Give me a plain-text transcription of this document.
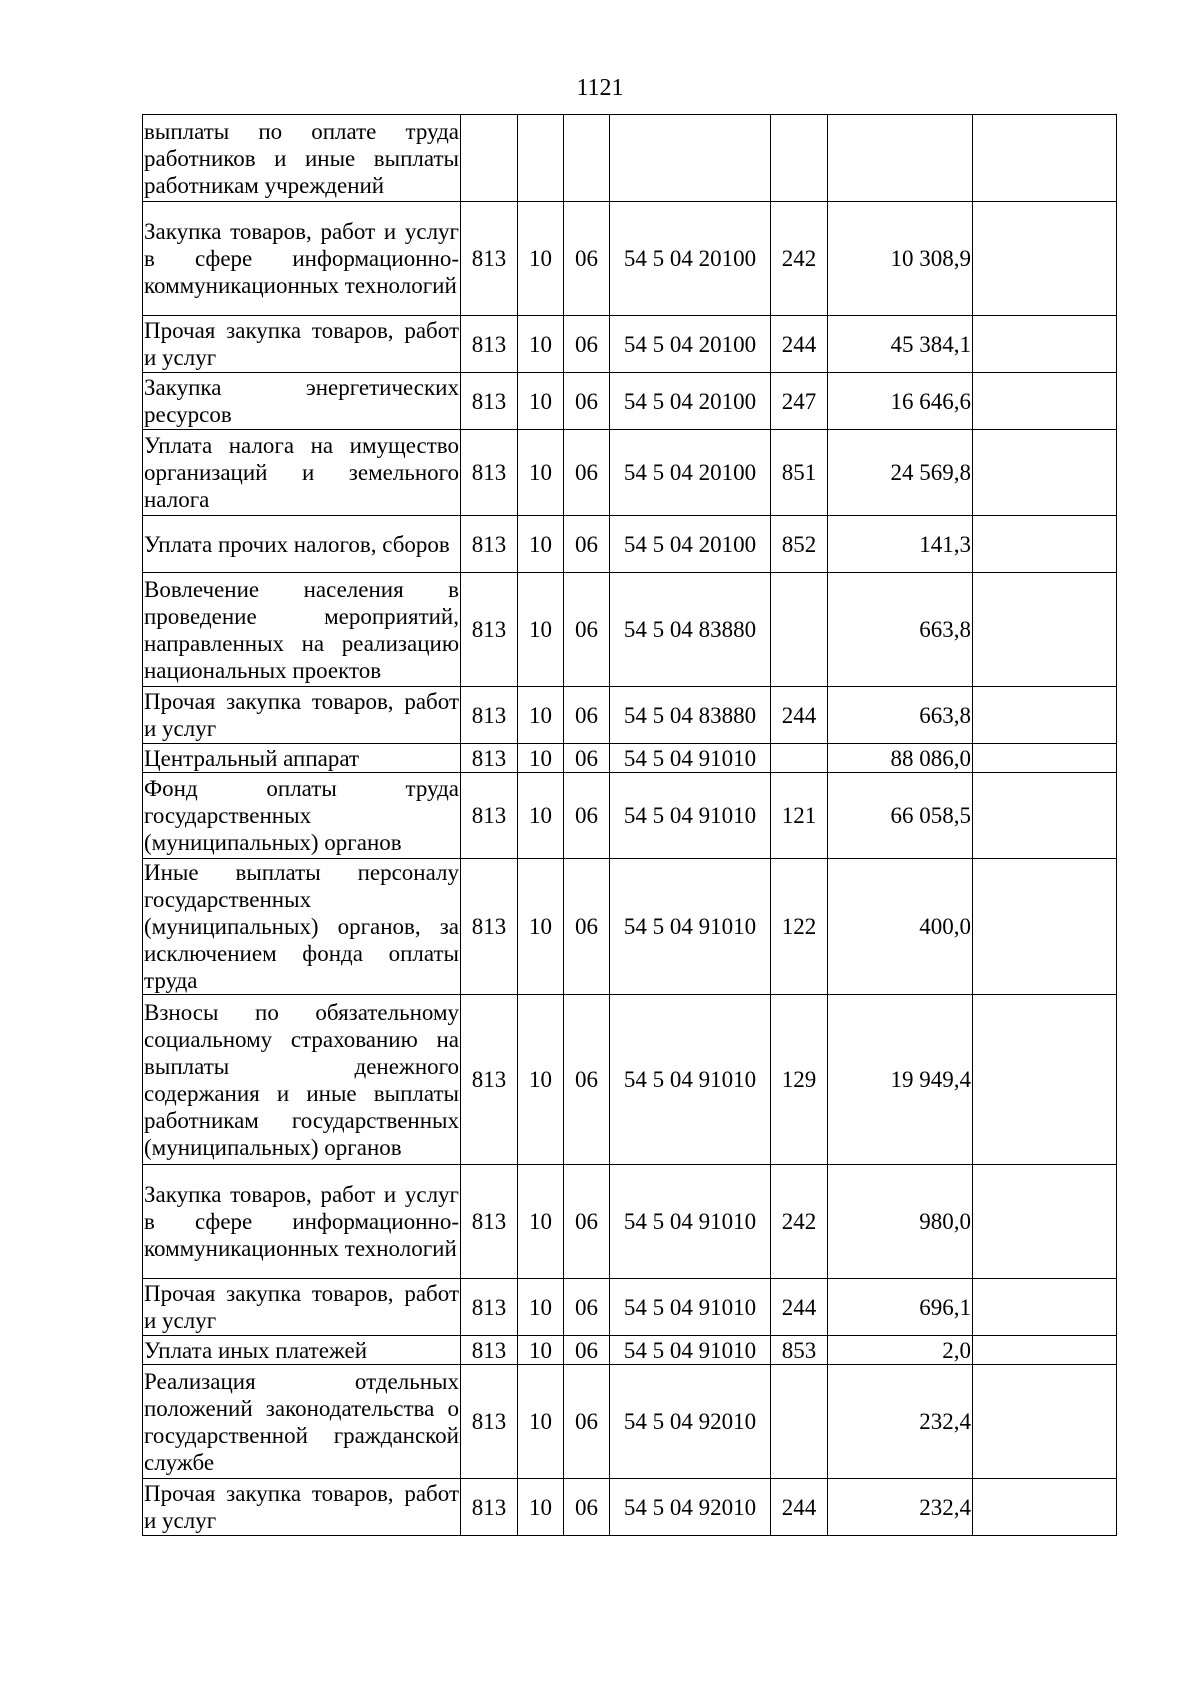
1121
выплаты по оплате труда работников и иные выплаты работникам учреждений							
Закупка товаров, работ и услуг в сфере информационно-коммуникационных технологий	813	10	06	54 5 04 20100	242	10 308,9	
Прочая закупка товаров, работ и услуг	813	10	06	54 5 04 20100	244	45 384,1	
Закупка энергетических ресурсов	813	10	06	54 5 04 20100	247	16 646,6	
Уплата налога на имущество организаций и земельного налога	813	10	06	54 5 04 20100	851	24 569,8	
Уплата прочих налогов, сборов	813	10	06	54 5 04 20100	852	141,3	
Вовлечение населения в проведение мероприятий, направленных на реализацию национальных проектов	813	10	06	54 5 04 83880		663,8	
Прочая закупка товаров, работ и услуг	813	10	06	54 5 04 83880	244	663,8	
Центральный аппарат	813	10	06	54 5 04 91010		88 086,0	
Фонд оплаты труда государственных (муниципальных) органов	813	10	06	54 5 04 91010	121	66 058,5	
Иные выплаты персоналу государственных (муниципальных) органов, за исключением фонда оплаты труда	813	10	06	54 5 04 91010	122	400,0	
Взносы по обязательному социальному страхованию на выплаты денежного содержания и иные выплаты работникам государственных (муниципальных) органов	813	10	06	54 5 04 91010	129	19 949,4	
Закупка товаров, работ и услуг в сфере информационно-коммуникационных технологий	813	10	06	54 5 04 91010	242	980,0	
Прочая закупка товаров, работ и услуг	813	10	06	54 5 04 91010	244	696,1	
Уплата иных платежей	813	10	06	54 5 04 91010	853	2,0	
Реализация отдельных положений законодательства о государственной гражданской службе	813	10	06	54 5 04 92010		232,4	
Прочая закупка товаров, работ и услуг	813	10	06	54 5 04 92010	244	232,4	
